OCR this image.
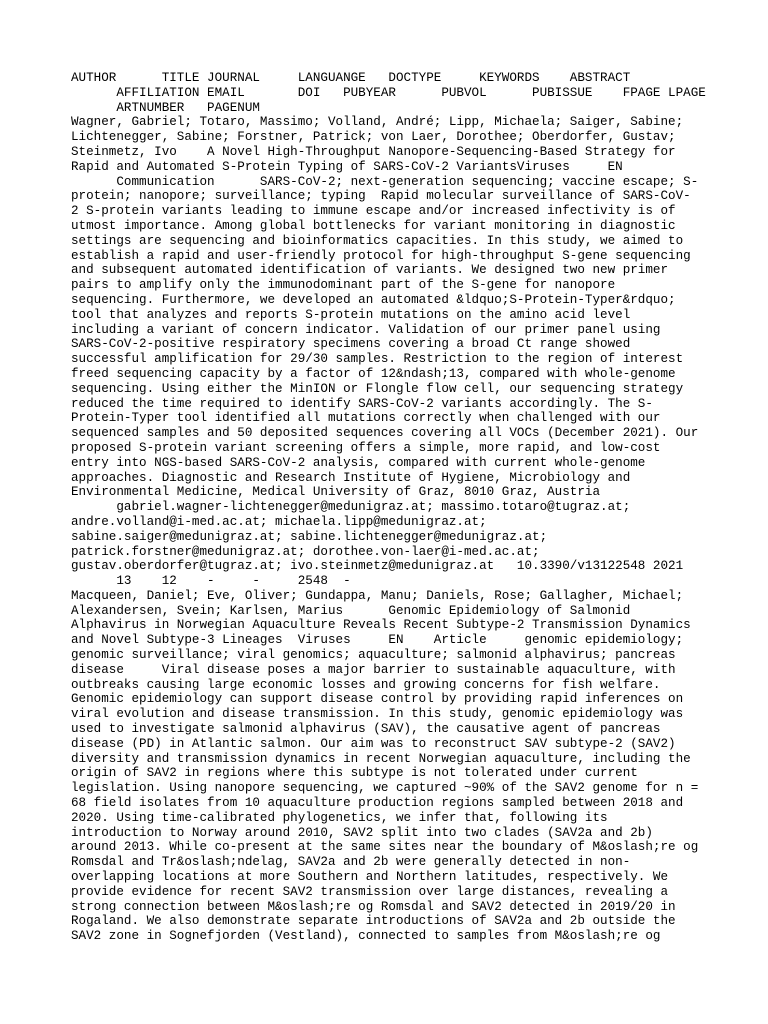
AUTHOR      TITLE JOURNAL     LANGUANGE   DOCTYPE     KEYWORDS    ABSTRACT
AFFILIATION EMAIL       DOI   PUBYEAR      PUBVOL      PUBISSUE    FPAGE LPAGE
ARTNUMBER   PAGENUM
Wagner, Gabriel; Totaro, Massimo; Volland, André; Lipp, Michaela; Saiger, Sabine;
Lichtenegger, Sabine; Forstner, Patrick; von Laer, Dorothee; Oberdorfer, Gustav;
Steinmetz, Ivo    A Novel High-Throughput Nanopore-Sequencing-Based Strategy for
Rapid and Automated S-Protein Typing of SARS-CoV-2 VariantsViruses     EN
Communication      SARS-CoV-2; next-generation sequencing; vaccine escape; S-
protein; nanopore; surveillance; typing  Rapid molecular surveillance of SARS-CoV-
2 S-protein variants leading to immune escape and/or increased infectivity is of
utmost importance. Among global bottlenecks for variant monitoring in diagnostic
settings are sequencing and bioinformatics capacities. In this study, we aimed to
establish a rapid and user-friendly protocol for high-throughput S-gene sequencing
and subsequent automated identification of variants. We designed two new primer
pairs to amplify only the immunodominant part of the S-gene for nanopore
sequencing. Furthermore, we developed an automated &ldquo;S-Protein-Typer&rdquo;
tool that analyzes and reports S-protein mutations on the amino acid level
including a variant of concern indicator. Validation of our primer panel using
SARS-CoV-2-positive respiratory specimens covering a broad Ct range showed
successful amplification for 29/30 samples. Restriction to the region of interest
freed sequencing capacity by a factor of 12&ndash;13, compared with whole-genome
sequencing. Using either the MinION or Flongle flow cell, our sequencing strategy
reduced the time required to identify SARS-CoV-2 variants accordingly. The S-
Protein-Typer tool identified all mutations correctly when challenged with our
sequenced samples and 50 deposited sequences covering all VOCs (December 2021). Our
proposed S-protein variant screening offers a simple, more rapid, and low-cost
entry into NGS-based SARS-CoV-2 analysis, compared with current whole-genome
approaches. Diagnostic and Research Institute of Hygiene, Microbiology and
Environmental Medicine, Medical University of Graz, 8010 Graz, Austria
gabriel.wagner-lichtenegger@medunigraz.at; massimo.totaro@tugraz.at;
andre.volland@i-med.ac.at; michaela.lipp@medunigraz.at;
sabine.saiger@medunigraz.at; sabine.lichtenegger@medunigraz.at;
patrick.forstner@medunigraz.at; dorothee.von-laer@i-med.ac.at;
gustav.oberdorfer@tugraz.at; ivo.steinmetz@medunigraz.at   10.3390/v13122548 2021
13    12    -     -     2548  -
Macqueen, Daniel; Eve, Oliver; Gundappa, Manu; Daniels, Rose; Gallagher, Michael;
Alexandersen, Svein; Karlsen, Marius      Genomic Epidemiology of Salmonid
Alphavirus in Norwegian Aquaculture Reveals Recent Subtype-2 Transmission Dynamics
and Novel Subtype-3 Lineages  Viruses     EN    Article     genomic epidemiology;
genomic surveillance; viral genomics; aquaculture; salmonid alphavirus; pancreas
disease     Viral disease poses a major barrier to sustainable aquaculture, with
outbreaks causing large economic losses and growing concerns for fish welfare.
Genomic epidemiology can support disease control by providing rapid inferences on
viral evolution and disease transmission. In this study, genomic epidemiology was
used to investigate salmonid alphavirus (SAV), the causative agent of pancreas
disease (PD) in Atlantic salmon. Our aim was to reconstruct SAV subtype-2 (SAV2)
diversity and transmission dynamics in recent Norwegian aquaculture, including the
origin of SAV2 in regions where this subtype is not tolerated under current
legislation. Using nanopore sequencing, we captured ~90% of the SAV2 genome for n =
68 field isolates from 10 aquaculture production regions sampled between 2018 and
2020. Using time-calibrated phylogenetics, we infer that, following its
introduction to Norway around 2010, SAV2 split into two clades (SAV2a and 2b)
around 2013. While co-present at the same sites near the boundary of M&oslash;re og
Romsdal and Tr&oslash;ndelag, SAV2a and 2b were generally detected in non-
overlapping locations at more Southern and Northern latitudes, respectively. We
provide evidence for recent SAV2 transmission over large distances, revealing a
strong connection between M&oslash;re og Romsdal and SAV2 detected in 2019/20 in
Rogaland. We also demonstrate separate introductions of SAV2a and 2b outside the
SAV2 zone in Sognefjorden (Vestland), connected to samples from M&oslash;re og
